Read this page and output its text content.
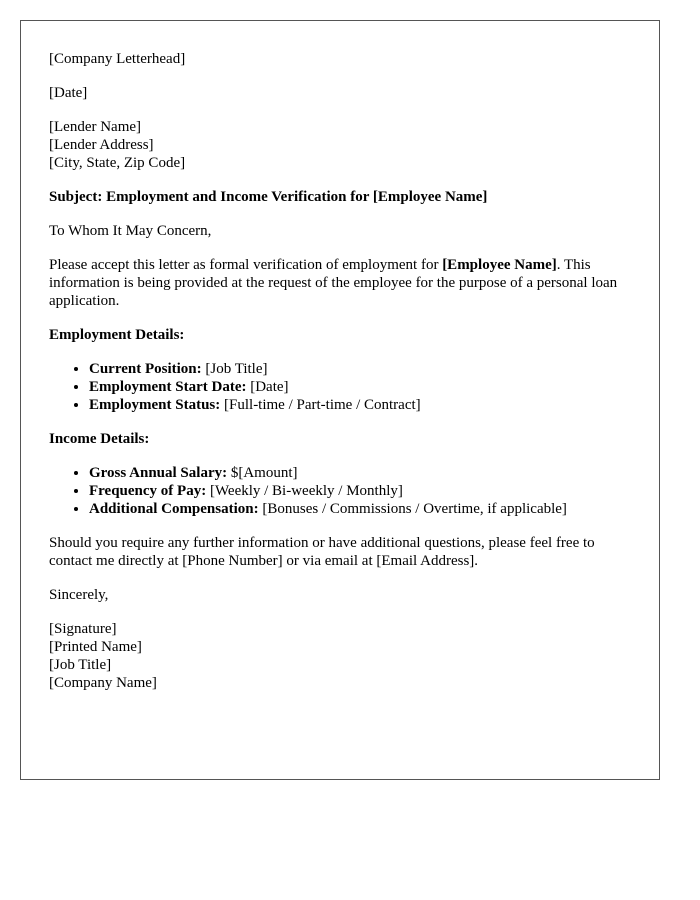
[Company Letterhead]

[Date]

[Lender Name]
[Lender Address]
[City, State, Zip Code]

Subject: Employment and Income Verification for [Employee Name]

To Whom It May Concern,

Please accept this letter as formal verification of employment for [Employee Name]. This information is being provided at the request of the employee for the purpose of a personal loan application.

Employment Details:

• Current Position: [Job Title]
• Employment Start Date: [Date]
• Employment Status: [Full-time / Part-time / Contract]

Income Details:

• Gross Annual Salary: $[Amount]
• Frequency of Pay: [Weekly / Bi-weekly / Monthly]
• Additional Compensation: [Bonuses / Commissions / Overtime, if applicable]

Should you require any further information or have additional questions, please feel free to contact me directly at [Phone Number] or via email at [Email Address].

Sincerely,

[Signature]
[Printed Name]
[Job Title]
[Company Name]
